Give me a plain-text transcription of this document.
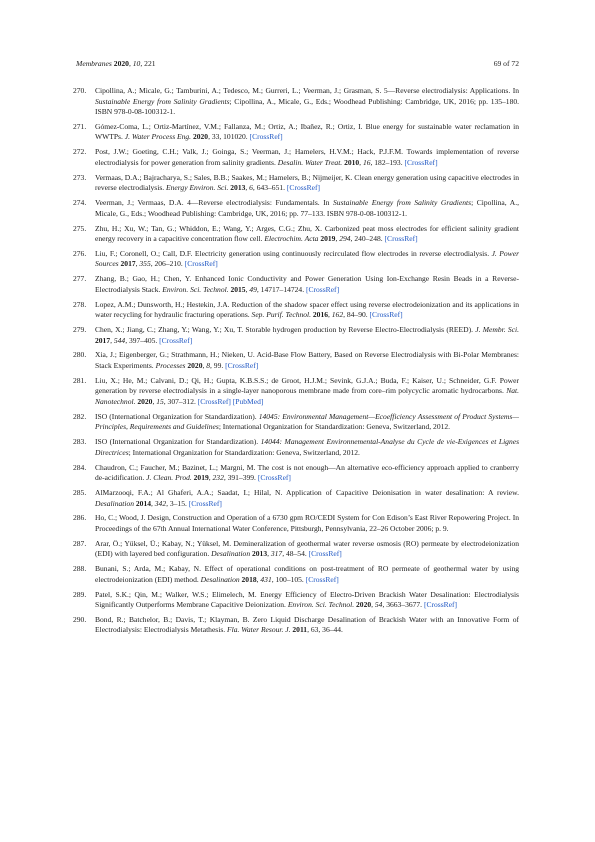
Membranes 2020, 10, 221	69 of 72
270. Cipollina, A.; Micale, G.; Tamburini, A.; Tedesco, M.; Gurreri, L.; Veerman, J.; Grasman, S. 5—Reverse electrodialysis: Applications. In Sustainable Energy from Salinity Gradients; Cipollina, A., Micale, G., Eds.; Woodhead Publishing: Cambridge, UK, 2016; pp. 135–180. ISBN 978-0-08-100312-1.
271. Gómez-Coma, L.; Ortiz-Martínez, V.M.; Fallanza, M.; Ortiz, A.; Ibañez, R.; Ortiz, I. Blue energy for sustainable water reclamation in WWTPs. J. Water Process Eng. 2020, 33, 101020. [CrossRef]
272. Post, J.W.; Goeting, C.H.; Valk, J.; Goinga, S.; Veerman, J.; Hamelers, H.V.M.; Hack, P.J.F.M. Towards implementation of reverse electrodialysis for power generation from salinity gradients. Desalin. Water Treat. 2010, 16, 182–193. [CrossRef]
273. Vermaas, D.A.; Bajracharya, S.; Sales, B.B.; Saakes, M.; Hamelers, B.; Nijmeijer, K. Clean energy generation using capacitive electrodes in reverse electrodialysis. Energy Environ. Sci. 2013, 6, 643–651. [CrossRef]
274. Veerman, J.; Vermaas, D.A. 4—Reverse electrodialysis: Fundamentals. In Sustainable Energy from Salinity Gradients; Cipollina, A., Micale, G., Eds.; Woodhead Publishing: Cambridge, UK, 2016; pp. 77–133. ISBN 978-0-08-100312-1.
275. Zhu, H.; Xu, W.; Tan, G.; Whiddon, E.; Wang, Y.; Arges, C.G.; Zhu, X. Carbonized peat moss electrodes for efficient salinity gradient energy recovery in a capacitive concentration flow cell. Electrochim. Acta 2019, 294, 240–248. [CrossRef]
276. Liu, F.; Coronell, O.; Call, D.F. Electricity generation using continuously recirculated flow electrodes in reverse electrodialysis. J. Power Sources 2017, 355, 206–210. [CrossRef]
277. Zhang, B.; Gao, H.; Chen, Y. Enhanced Ionic Conductivity and Power Generation Using Ion-Exchange Resin Beads in a Reverse-Electrodialysis Stack. Environ. Sci. Technol. 2015, 49, 14717–14724. [CrossRef]
278. Lopez, A.M.; Dunsworth, H.; Hestekin, J.A. Reduction of the shadow spacer effect using reverse electrodeionization and its applications in water recycling for hydraulic fracturing operations. Sep. Purif. Technol. 2016, 162, 84–90. [CrossRef]
279. Chen, X.; Jiang, C.; Zhang, Y.; Wang, Y.; Xu, T. Storable hydrogen production by Reverse Electro-Electrodialysis (REED). J. Membr. Sci. 2017, 544, 397–405. [CrossRef]
280. Xia, J.; Eigenberger, G.; Strathmann, H.; Nieken, U. Acid-Base Flow Battery, Based on Reverse Electrodialysis with Bi-Polar Membranes: Stack Experiments. Processes 2020, 8, 99. [CrossRef]
281. Liu, X.; He, M.; Calvani, D.; Qi, H.; Gupta, K.B.S.S.; de Groot, H.J.M.; Sevink, G.J.A.; Buda, F.; Kaiser, U.; Schneider, G.F. Power generation by reverse electrodialysis in a single-layer nanoporous membrane made from core–rim polycyclic aromatic hydrocarbons. Nat. Nanotechnol. 2020, 15, 307–312. [CrossRef] [PubMed]
282. ISO (International Organization for Standardization). 14045: Environmental Management—Ecoefficiency Assessment of Product Systems—Principles, Requirements and Guidelines; International Organization for Standardization: Geneva, Switzerland, 2012.
283. ISO (International Organization for Standardization). 14044: Management Environnemental-Analyse du Cycle de vie-Exigences et Lignes Directrices; International Organization for Standardization: Geneva, Switzerland, 2012.
284. Chaudron, C.; Faucher, M.; Bazinet, L.; Margni, M. The cost is not enough—An alternative eco-efficiency approach applied to cranberry de-acidification. J. Clean. Prod. 2019, 232, 391–399. [CrossRef]
285. AlMarzooqi, F.A.; Al Ghaferi, A.A.; Saadat, I.; Hilal, N. Application of Capacitive Deionisation in water desalination: A review. Desalination 2014, 342, 3–15. [CrossRef]
286. Ho, C.; Wood, J. Design, Construction and Operation of a 6730 gpm RO/CEDI System for Con Edison’s East River Repowering Project. In Proceedings of the 67th Annual International Water Conference, Pittsburgh, Pennsylvania, 22–26 October 2006; p. 9.
287. Arar, Ö.; Yüksel, Ü.; Kabay, N.; Yüksel, M. Demineralization of geothermal water reverse osmosis (RO) permeate by electrodeionization (EDI) with layered bed configuration. Desalination 2013, 317, 48–54. [CrossRef]
288. Bunani, S.; Arda, M.; Kabay, N. Effect of operational conditions on post-treatment of RO permeate of geothermal water by using electrodeionization (EDI) method. Desalination 2018, 431, 100–105. [CrossRef]
289. Patel, S.K.; Qin, M.; Walker, W.S.; Elimelech, M. Energy Efficiency of Electro-Driven Brackish Water Desalination: Electrodialysis Significantly Outperforms Membrane Capacitive Deionization. Environ. Sci. Technol. 2020, 54, 3663–3677. [CrossRef]
290. Bond, R.; Batchelor, B.; Davis, T.; Klayman, B. Zero Liquid Discharge Desalination of Brackish Water with an Innovative Form of Electrodialysis: Electrodialysis Metathesis. Fla. Water Resour. J. 2011, 63, 36–44.
